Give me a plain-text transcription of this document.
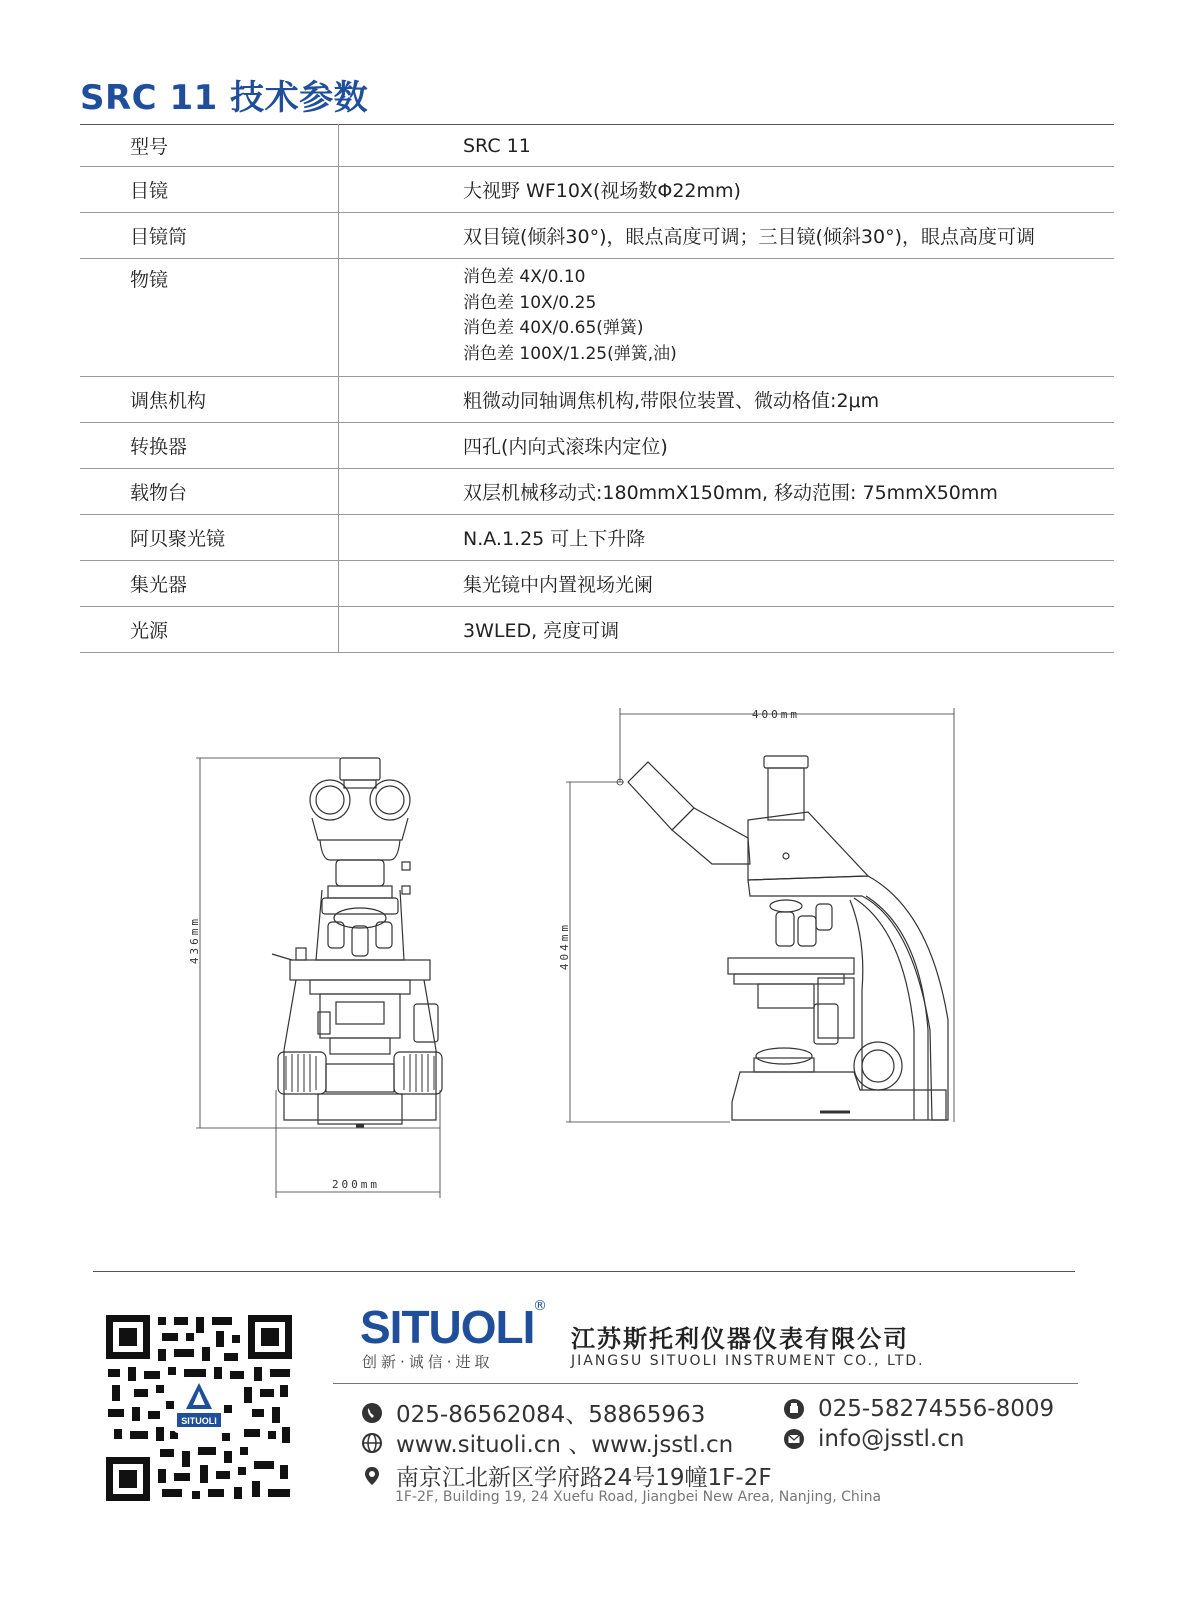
SRC 11 技术参数
型号	SRC 11

目镜	大视野 WF10X(视场数Φ22mm)

目镜筒	双目镜(倾斜30°)，眼点高度可调；三目镜(倾斜30°)，眼点高度可调

物镜	消色差 4X/0.10
消色差 10X/0.25
消色差 40X/0.65(弹簧)
消色差 100X/1.25(弹簧,油)

调焦机构	粗微动同轴调焦机构,带限位装置、微动格值:2μm

转换器	四孔(内向式滚珠内定位)

载物台	双层机械移动式:180mmX150mm, 移动范围: 75mmX50mm

阿贝聚光镜	N.A.1.25 可上下升降

集光器	集光镜中内置视场光阑

光源	3WLED, 亮度可调
436mm
200mm
400mm
404mm
SITUOLI
SITUOLI
®
创新·诚信·进取
江苏斯托利仪器仪表有限公司
JIANGSU SITUOLI INSTRUMENT CO., LTD.
025-86562084、58865963	025-58274556-8009
www.situoli.cn 、www.jsstl.cn	info@jsstl.cn
南京江北新区学府路24号19幢1F-2F
1F-2F, Building 19, 24 Xuefu Road, Jiangbei New Area, Nanjing, China
